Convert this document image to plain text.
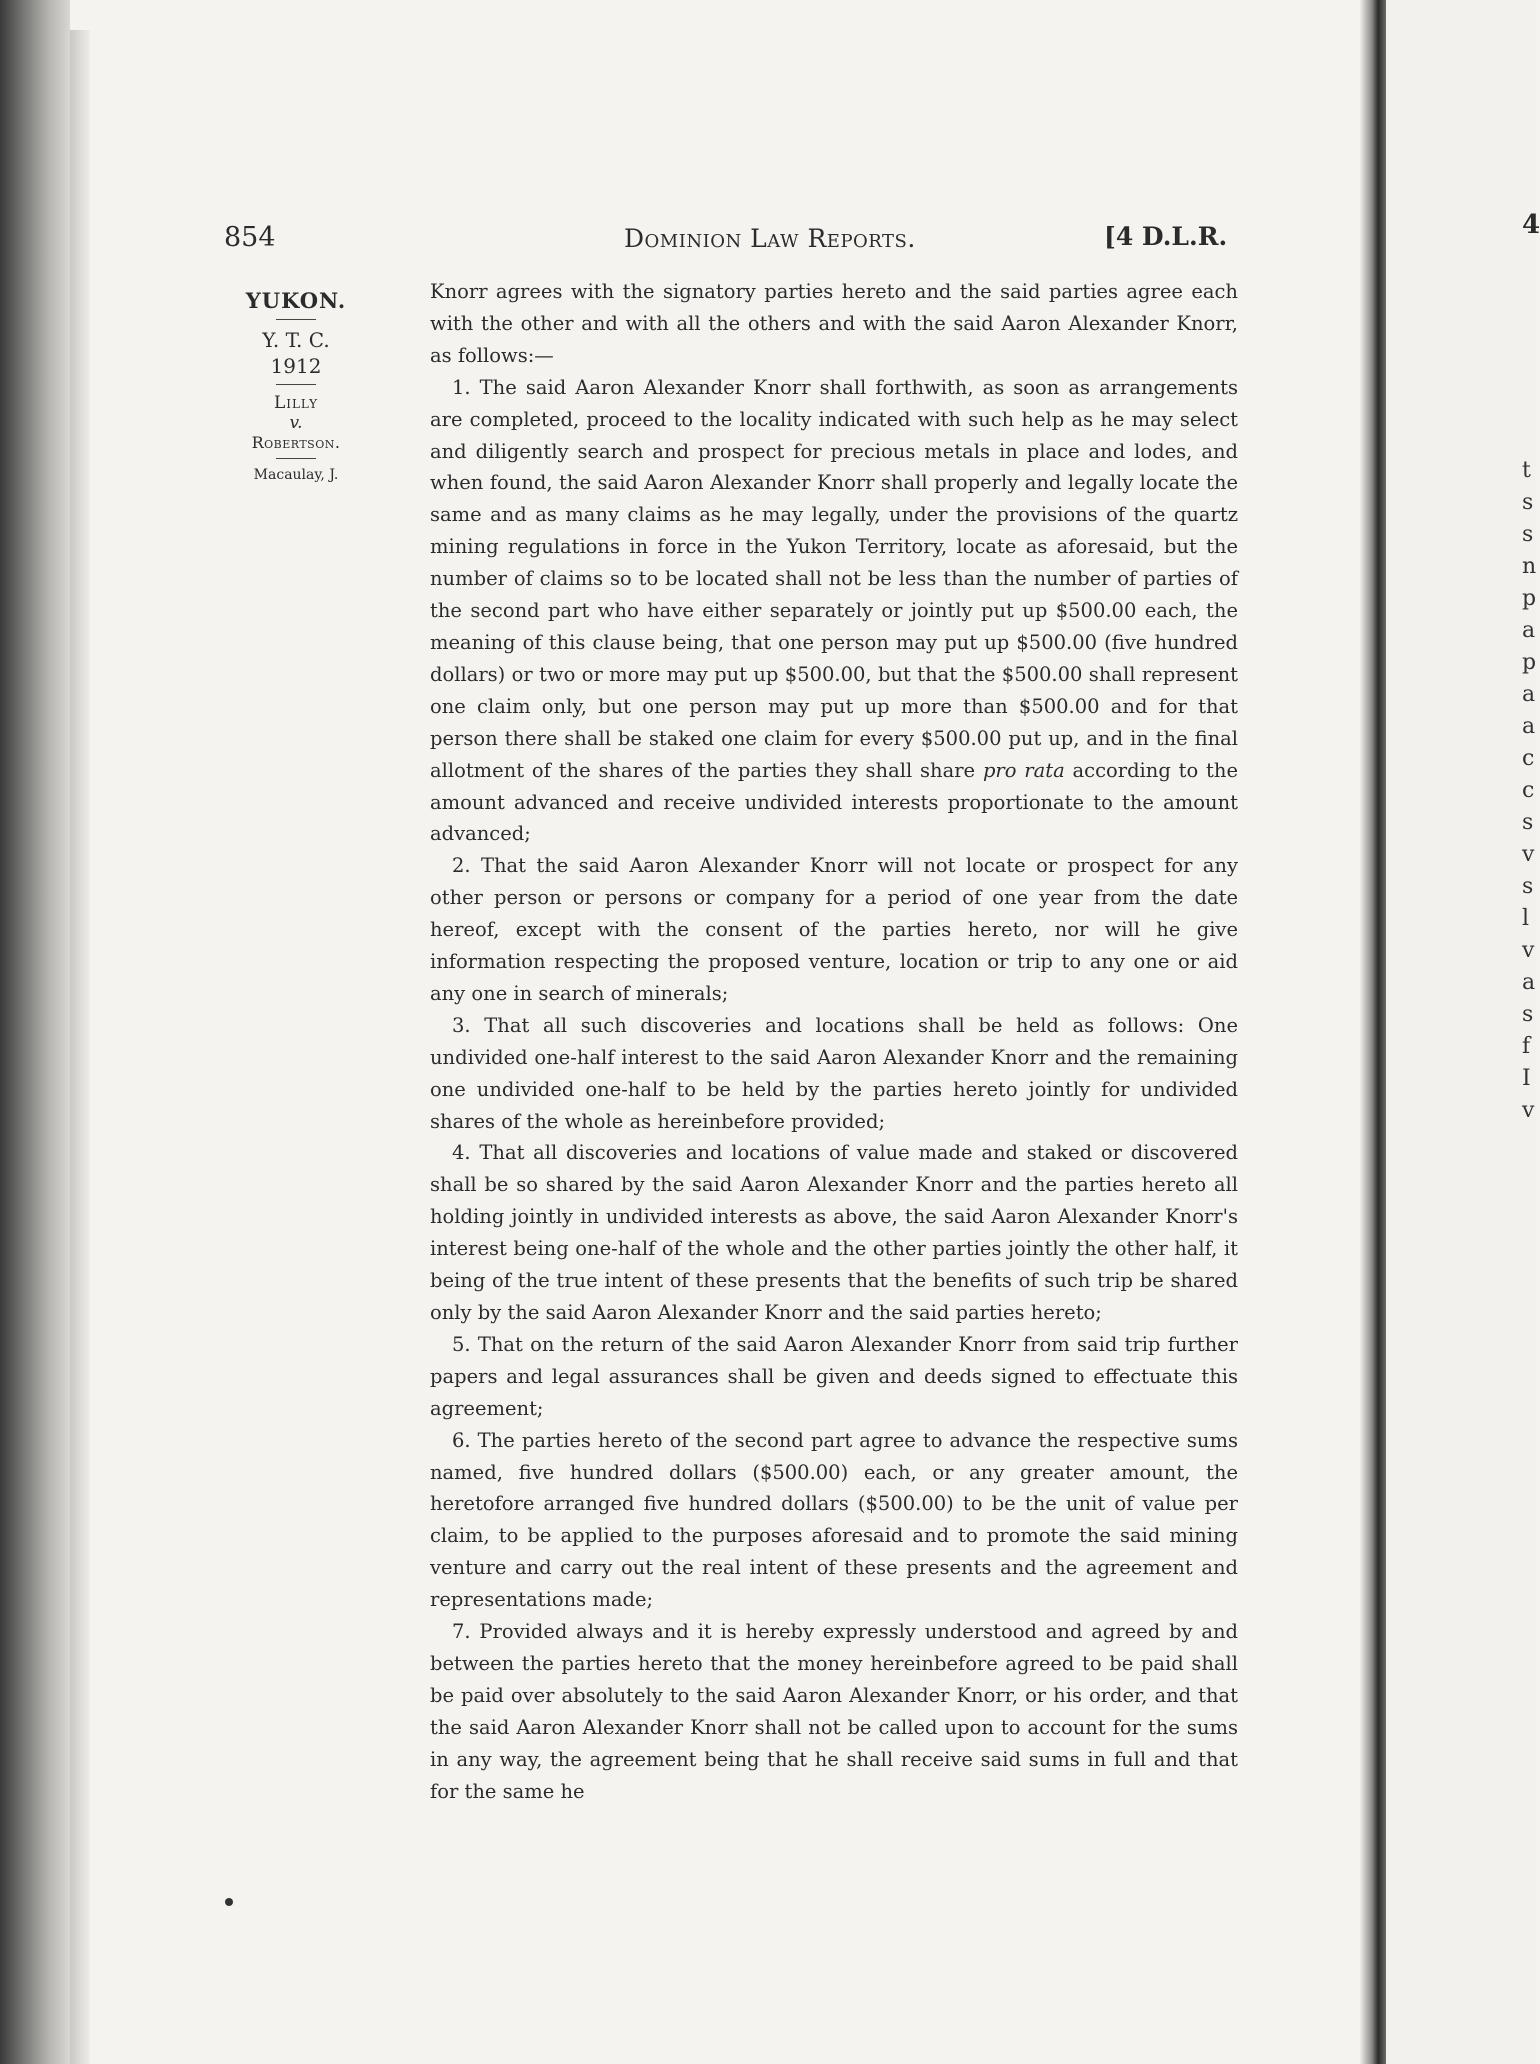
854	Dominion Law Reports.	[4 D.L.R.
YUKON.
Y. T. C.
1912
Lilly
v.
Robertson.
Macaulay, J.

Knorr agrees with the signatory parties hereto and the said parties agree each with the other and with all the others and with the said Aaron Alexander Knorr, as follows:—

1. The said Aaron Alexander Knorr shall forthwith, as soon as arrangements are completed, proceed to the locality indicated with such help as he may select and diligently search and prospect for precious metals in place and lodes, and when found, the said Aaron Alexander Knorr shall properly and legally locate the same and as many claims as he may legally, under the provisions of the quartz mining regulations in force in the Yukon Territory, locate as aforesaid, but the number of claims so to be located shall not be less than the number of parties of the second part who have either separately or jointly put up $500.00 each, the meaning of this clause being, that one person may put up $500.00 (five hundred dollars) or two or more may put up $500.00, but that the $500.00 shall represent one claim only, but one person may put up more than $500.00 and for that person there shall be staked one claim for every $500.00 put up, and in the final allotment of the shares of the parties they shall share pro rata according to the amount advanced and receive undivided interests proportionate to the amount advanced;

2. That the said Aaron Alexander Knorr will not locate or prospect for any other person or persons or company for a period of one year from the date hereof, except with the consent of the parties hereto, nor will he give information respecting the proposed venture, location or trip to any one or aid any one in search of minerals;

3. That all such discoveries and locations shall be held as follows: One undivided one-half interest to the said Aaron Alexander Knorr and the remaining one undivided one-half to be held by the parties hereto jointly for undivided shares of the whole as hereinbefore provided;

4. That all discoveries and locations of value made and staked or discovered shall be so shared by the said Aaron Alexander Knorr and the parties hereto all holding jointly in undivided interests as above, the said Aaron Alexander Knorr's interest being one-half of the whole and the other parties jointly the other half, it being of the true intent of these presents that the benefits of such trip be shared only by the said Aaron Alexander Knorr and the said parties hereto;

5. That on the return of the said Aaron Alexander Knorr from said trip further papers and legal assurances shall be given and deeds signed to effectuate this agreement;

6. The parties hereto of the second part agree to advance the respective sums named, five hundred dollars ($500.00) each, or any greater amount, the heretofore arranged five hundred dollars ($500.00) to be the unit of value per claim, to be applied to the purposes aforesaid and to promote the said mining venture and carry out the real intent of these presents and the agreement and representations made;

7. Provided always and it is hereby expressly understood and agreed by and between the parties hereto that the money hereinbefore agreed to be paid shall be paid over absolutely to the said Aaron Alexander Knorr, or his order, and that the said Aaron Alexander Knorr shall not be called upon to account for the sums in any way, the agreement being that he shall receive said sums in full and that for the same he

4
t
s
s
n
p
a
p
a
a
c
c
s
v
s
l
v
a
s
f
I
v
